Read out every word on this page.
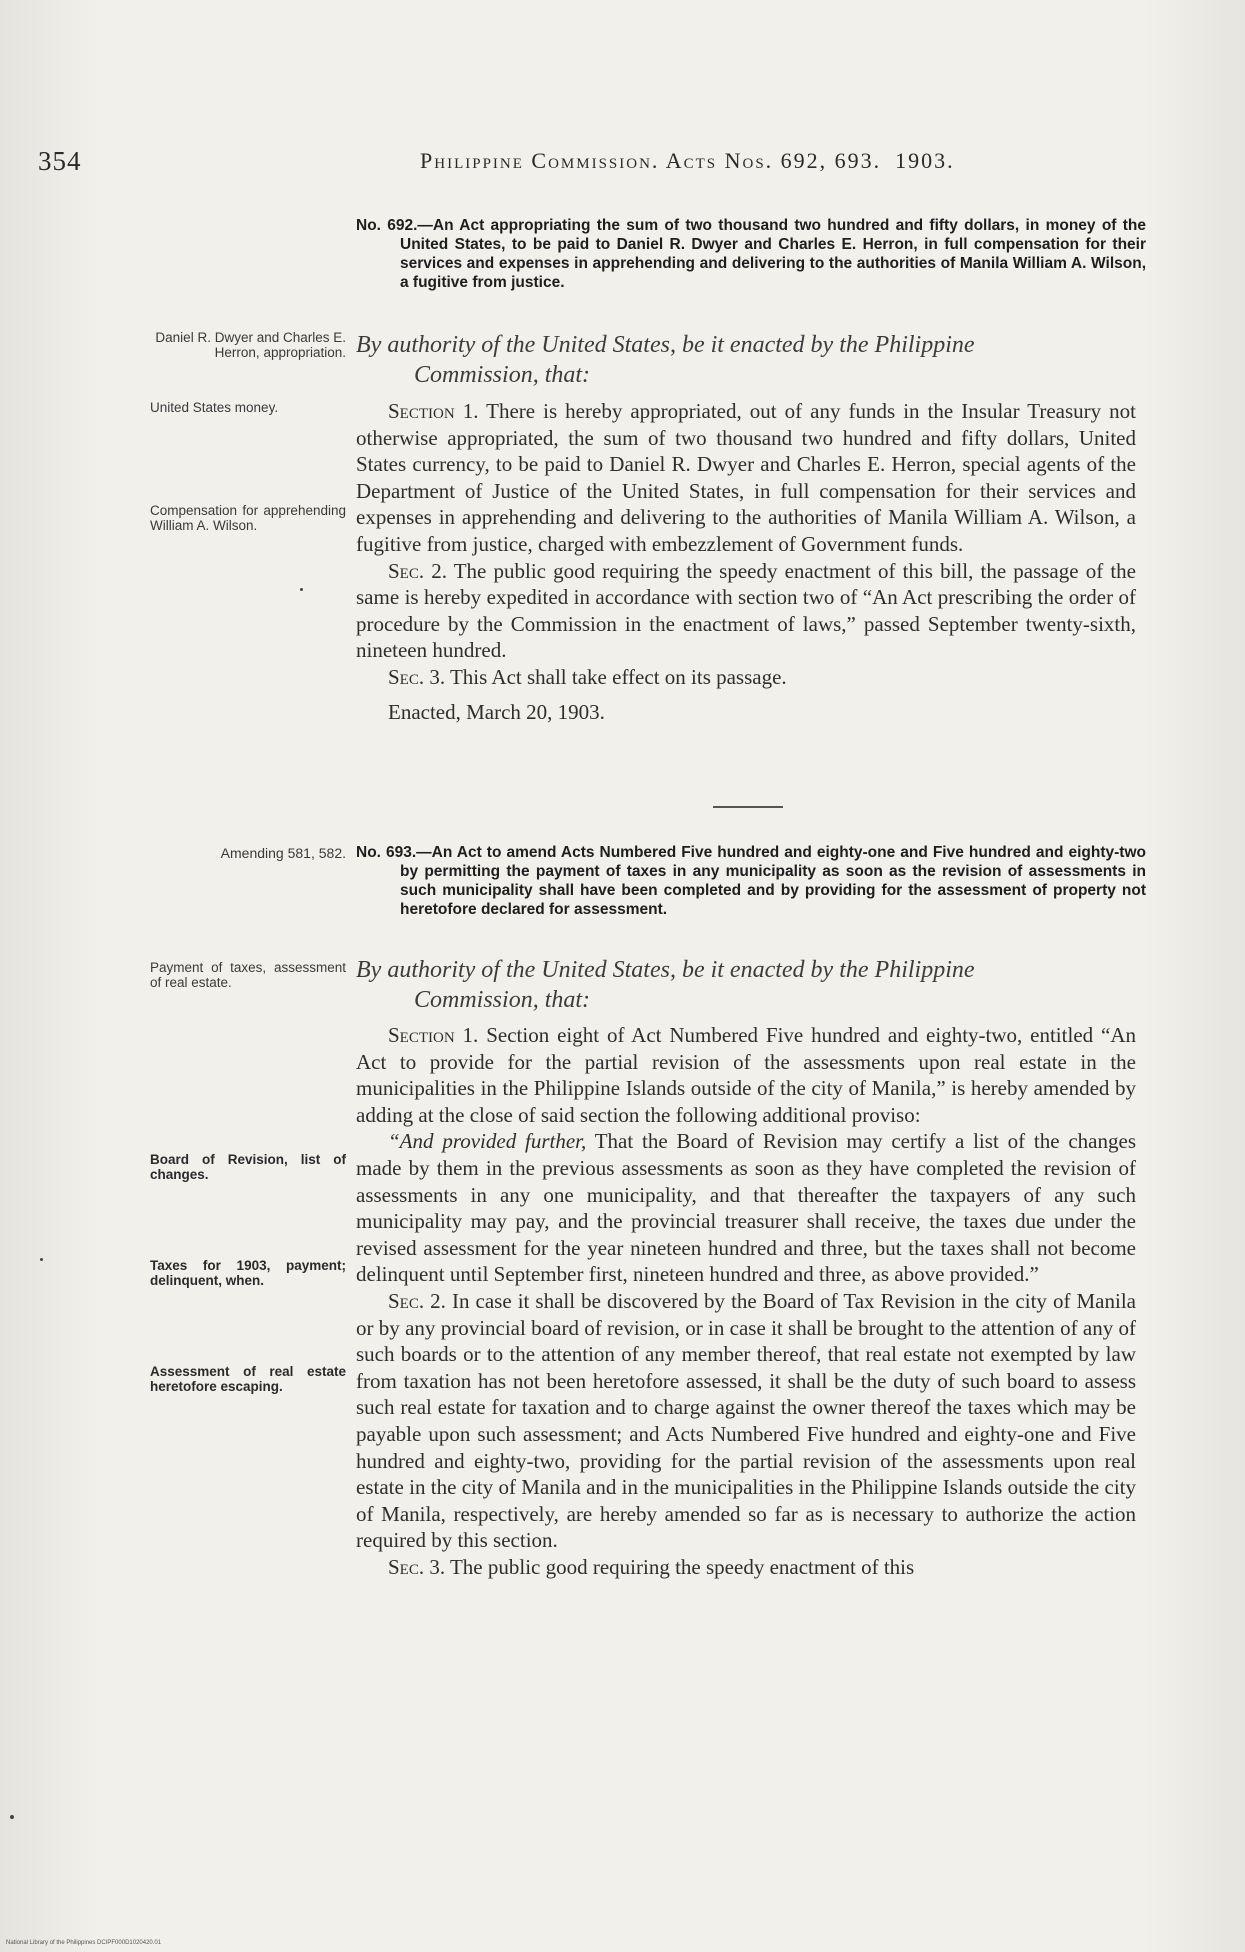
354	Philippine Commission. Acts Nos. 692, 693. 1903.
No. 692.—An Act appropriating the sum of two thousand two hundred and fifty dollars, in money of the United States, to be paid to Daniel R. Dwyer and Charles E. Herron, in full compensation for their services and expenses in apprehending and delivering to the authorities of Manila William A. Wilson, a fugitive from justice.
Daniel R. Dwyer and Charles E. Herron, appropriation. By authority of the United States, be it enacted by the Philippine
Commission, that:
United States money.
Compensation for apprehending William A. Wilson.

Section 1. There is hereby appropriated, out of any funds in the Insular Treasury not otherwise appropriated, the sum of two thousand two hundred and fifty dollars, United States currency, to be paid to Daniel R. Dwyer and Charles E. Herron, special agents of the Department of Justice of the United States, in full compensation for their services and expenses in apprehending and delivering to the authorities of Manila William A. Wilson, a fugitive from justice, charged with embezzlement of Government funds.

Sec. 2. The public good requiring the speedy enactment of this bill, the passage of the same is hereby expedited in accordance with section two of “An Act prescribing the order of procedure by the Commission in the enactment of laws,” passed September twenty-sixth, nineteen hundred.

Sec. 3. This Act shall take effect on its passage.

Enacted, March 20, 1903.

Amending 581, 582. No. 693.—An Act to amend Acts Numbered Five hundred and eighty-one and Five hundred and eighty-two by permitting the payment of taxes in any municipality as soon as the revision of assessments in such municipality shall have been completed and by providing for the assessment of property not heretofore declared for assessment.
Payment of taxes, assessment of real estate.	By authority of the United States, be it enacted by the Philippine
Commission, that:
Board of Revision, list of changes.
Taxes for 1903, payment; delinquent, when.
Assessment of real estate heretofore escaping.

Section 1. Section eight of Act Numbered Five hundred and eighty-two, entitled “An Act to provide for the partial revision of the assessments upon real estate in the municipalities in the Philippine Islands outside of the city of Manila,” is hereby amended by adding at the close of said section the following additional proviso:

“And provided further, That the Board of Revision may certify a list of the changes made by them in the previous assessments as soon as they have completed the revision of assessments in any one municipality, and that thereafter the taxpayers of any such municipality may pay, and the provincial treasurer shall receive, the taxes due under the revised assessment for the year nineteen hundred and three, but the taxes shall not become delinquent until September first, nineteen hundred and three, as above provided.”

Sec. 2. In case it shall be discovered by the Board of Tax Revision in the city of Manila or by any provincial board of revision, or in case it shall be brought to the attention of any of such boards or to the attention of any member thereof, that real estate not exempted by law from taxation has not been heretofore assessed, it shall be the duty of such board to assess such real estate for taxation and to charge against the owner thereof the taxes which may be payable upon such assessment; and Acts Numbered Five hundred and eighty-one and Five hundred and eighty-two, providing for the partial revision of the assessments upon real estate in the city of Manila and in the municipalities in the Philippine Islands outside the city of Manila, respectively, are hereby amended so far as is necessary to authorize the action required by this section.

Sec. 3. The public good requiring the speedy enactment of this

National Library of the Philippines DCIPF000D1020420.01
